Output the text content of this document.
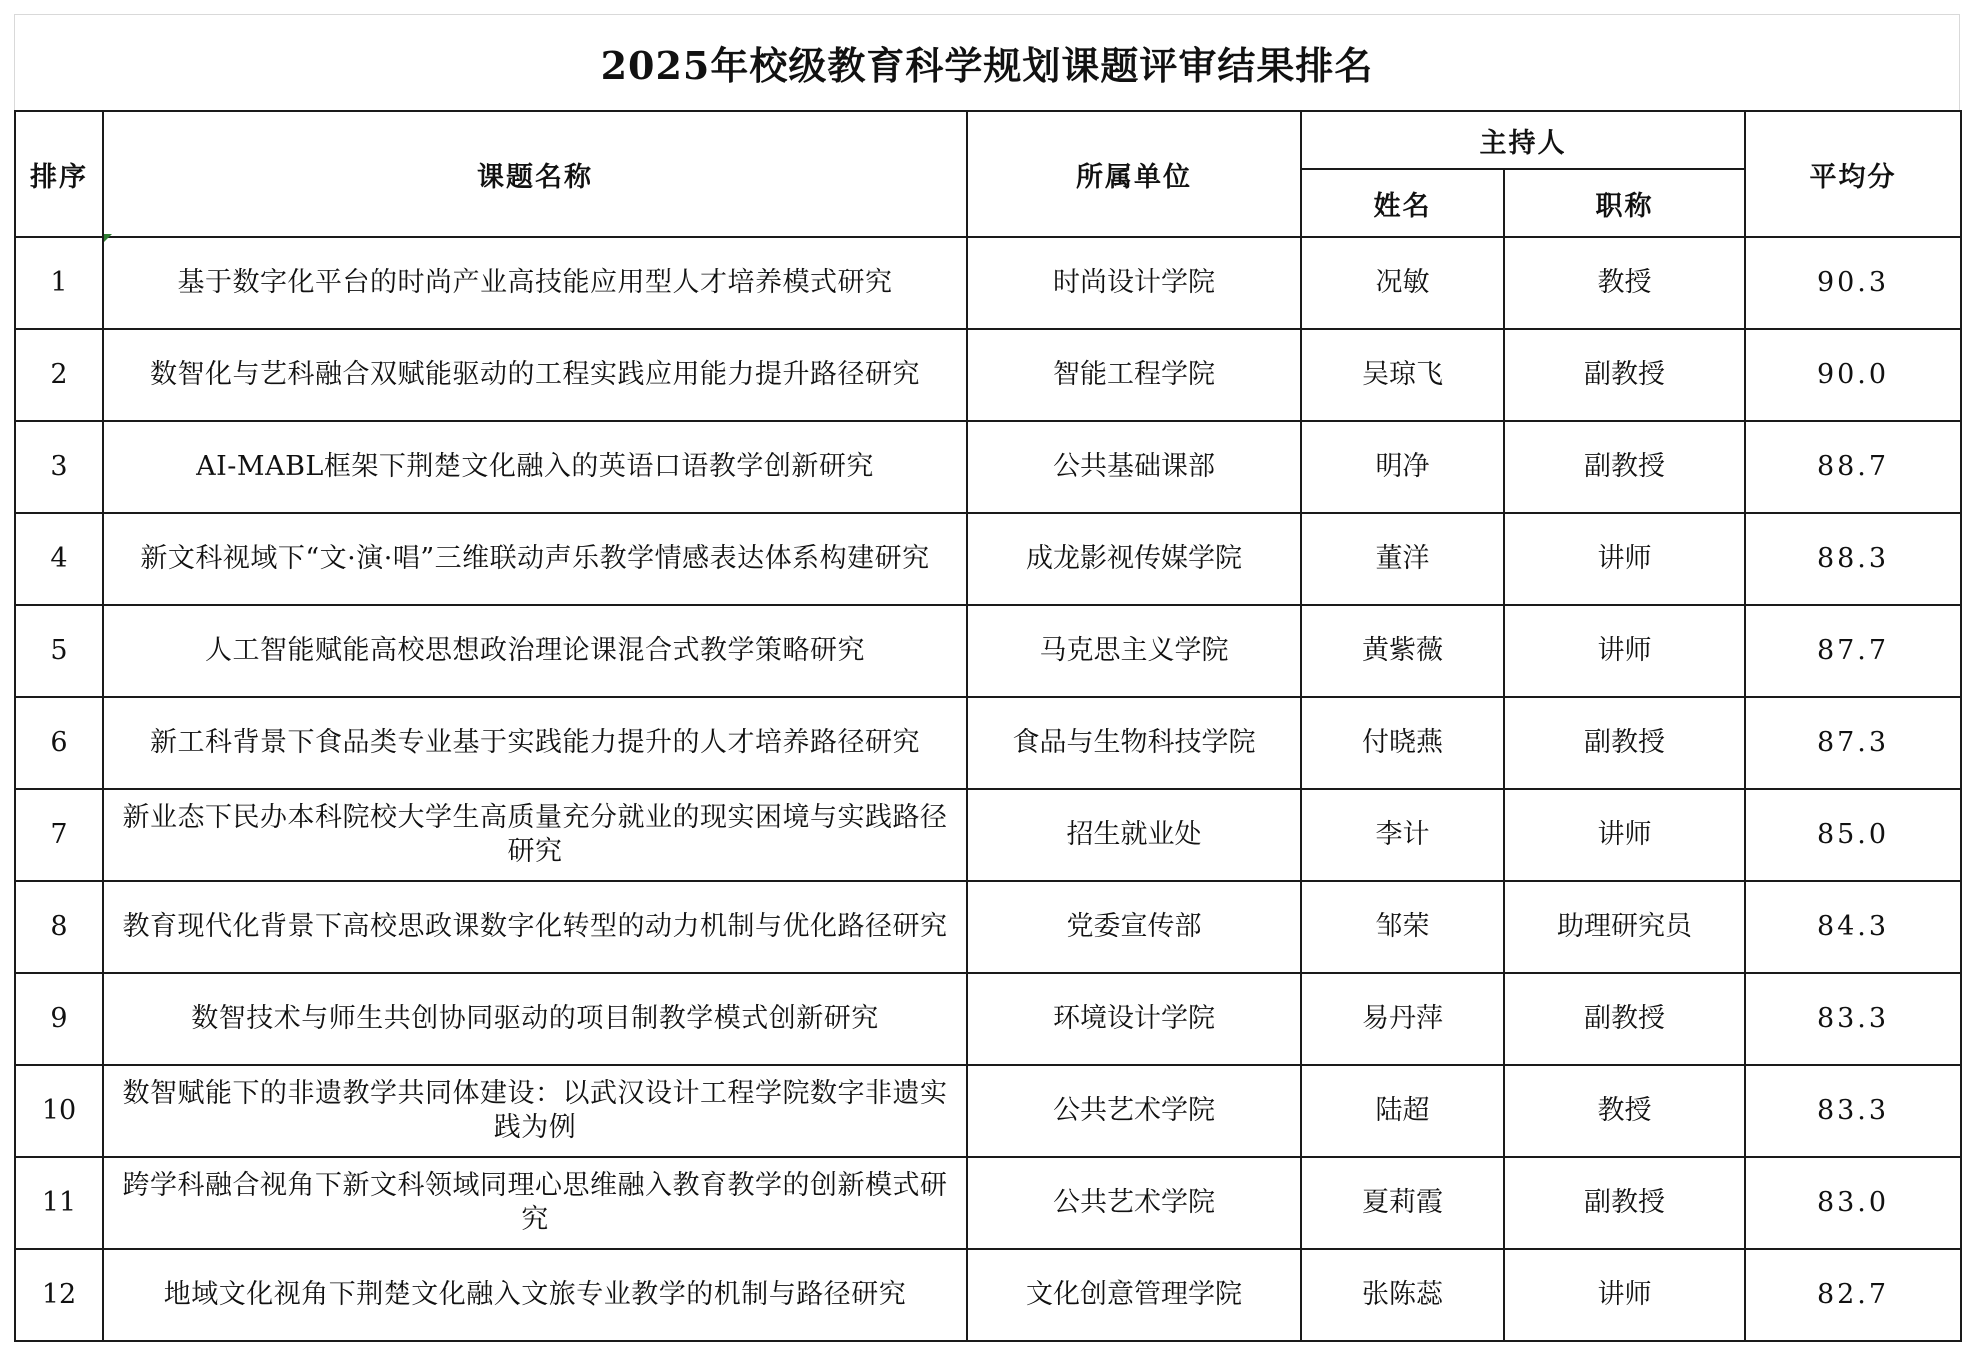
2025年校级教育科学规划课题评审结果排名
排序	课题名称	所属单位	主持人		平均分
			姓名	职称	
1	基于数字化平台的时尚产业高技能应用型人才培养模式研究	时尚设计学院	况敏	教授	90.3
2	数智化与艺科融合双赋能驱动的工程实践应用能力提升路径研究	智能工程学院	吴琼飞	副教授	90.0
3	AI-MABL框架下荆楚文化融入的英语口语教学创新研究	公共基础课部	明净	副教授	88.7
4	新文科视域下“文·演·唱”三维联动声乐教学情感表达体系构建研究	成龙影视传媒学院	董洋	讲师	88.3
5	人工智能赋能高校思想政治理论课混合式教学策略研究	马克思主义学院	黄紫薇	讲师	87.7
6	新工科背景下食品类专业基于实践能力提升的人才培养路径研究	食品与生物科技学院	付晓燕	副教授	87.3
7	新业态下民办本科院校大学生高质量充分就业的现实困境与实践路径研究	招生就业处	李计	讲师	85.0
8	教育现代化背景下高校思政课数字化转型的动力机制与优化路径研究	党委宣传部	邹荣	助理研究员	84.3
9	数智技术与师生共创协同驱动的项目制教学模式创新研究	环境设计学院	易丹萍	副教授	83.3
10	数智赋能下的非遗教学共同体建设：以武汉设计工程学院数字非遗实践为例	公共艺术学院	陆超	教授	83.3
11	跨学科融合视角下新文科领域同理心思维融入教育教学的创新模式研究	公共艺术学院	夏莉霞	副教授	83.0
12	地域文化视角下荆楚文化融入文旅专业教学的机制与路径研究	文化创意管理学院	张陈蕊	讲师	82.7
